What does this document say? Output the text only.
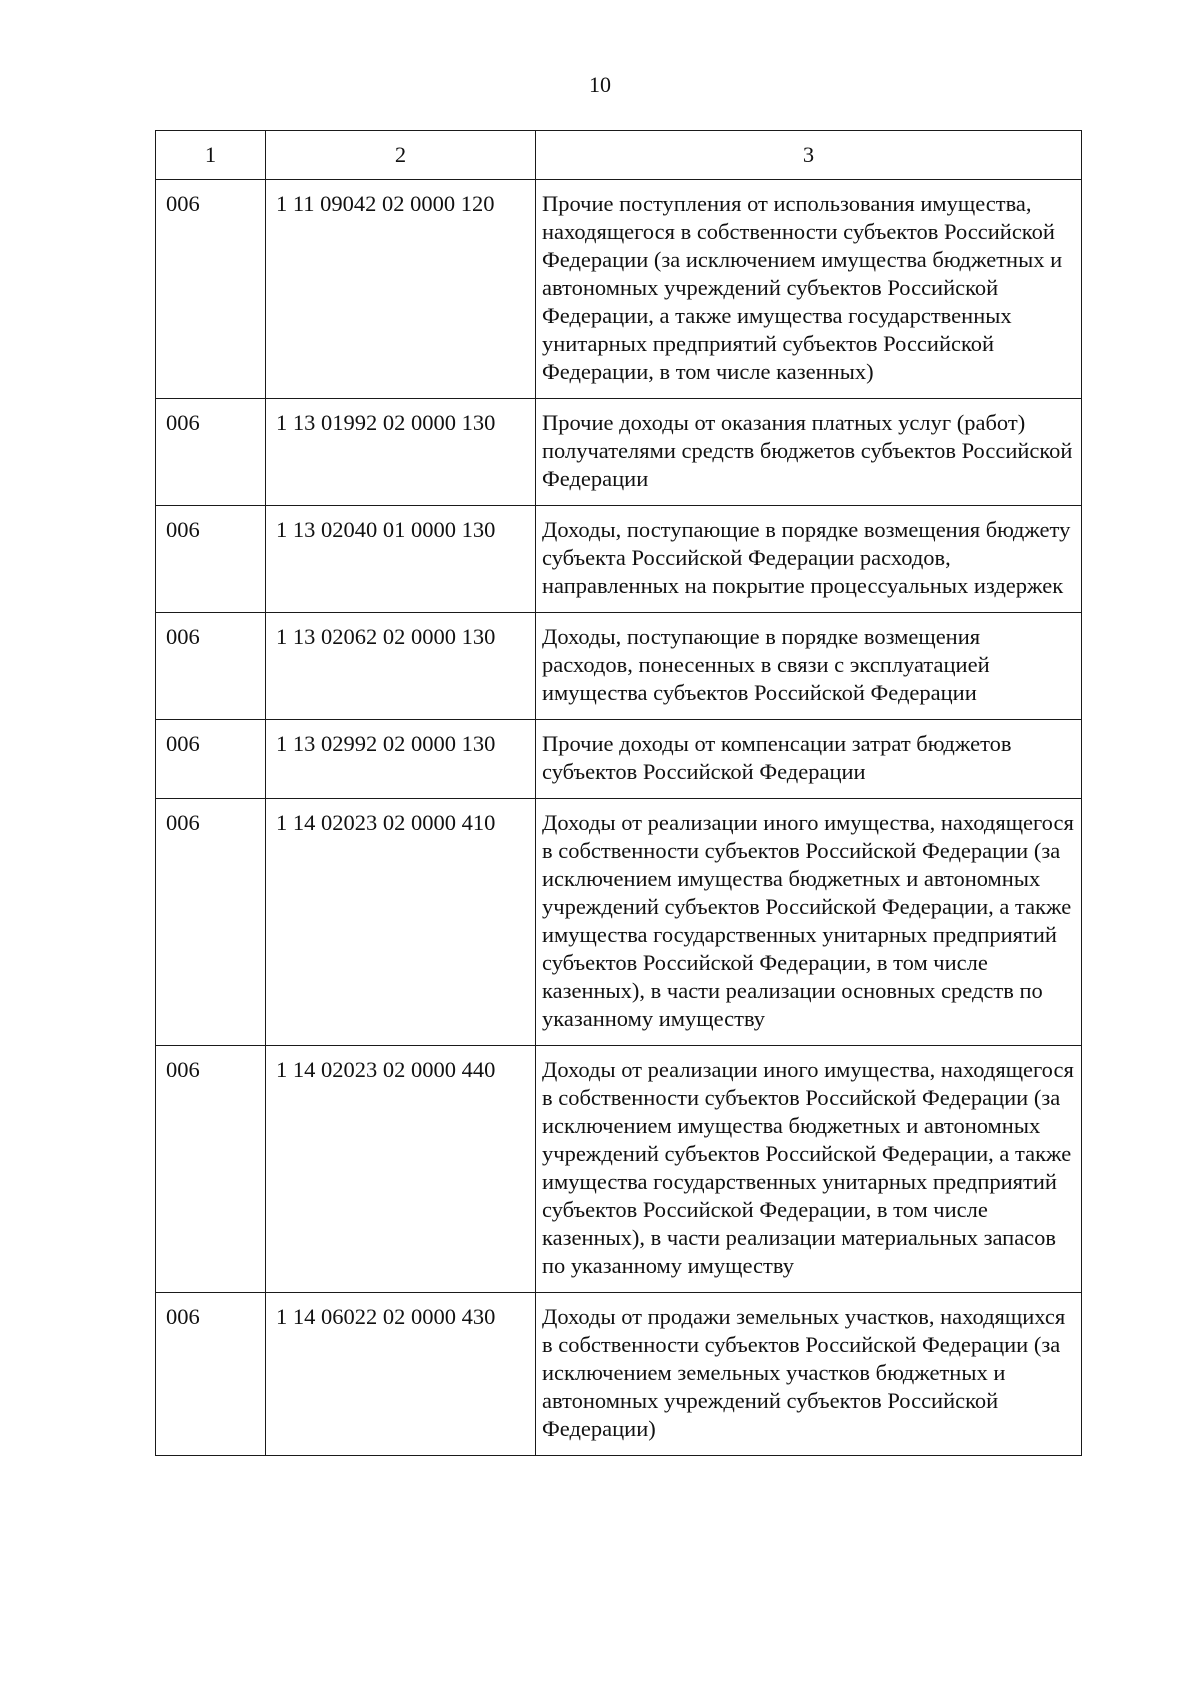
10
1	2	3
006	1 11 09042 02 0000 120	Прочие поступления от использования имущества, находящегося в собственности субъектов Российской Федерации (за исключением имущества бюджетных и автономных учреждений субъектов Российской Федерации, а также имущества государственных унитарных предприятий субъектов Российской Федерации, в том числе казенных)
006	1 13 01992 02 0000 130	Прочие доходы от оказания платных услуг (работ) получателями средств бюджетов субъектов Российской Федерации
006	1 13 02040 01 0000 130	Доходы, поступающие в порядке возмещения бюджету субъекта Российской Федерации расходов, направленных на покрытие процессуальных издержек
006	1 13 02062 02 0000 130	Доходы, поступающие в порядке возмещения расходов, понесенных в связи с эксплуатацией имущества субъектов Российской Федерации
006	1 13 02992 02 0000 130	Прочие доходы от компенсации затрат бюджетов субъектов Российской Федерации
006	1 14 02023 02 0000 410	Доходы от реализации иного имущества, находящегося в собственности субъектов Российской Федерации (за исключением имущества бюджетных и автономных учреждений субъектов Российской Федерации, а также имущества государственных унитарных предприятий субъектов Российской Федерации, в том числе казенных), в части реализации основных средств по указанному имуществу
006	1 14 02023 02 0000 440	Доходы от реализации иного имущества, находящегося в собственности субъектов Российской Федерации (за исключением имущества бюджетных и автономных учреждений субъектов Российской Федерации, а также имущества государственных унитарных предприятий субъектов Российской Федерации, в том числе казенных), в части реализации материальных запасов по указанному имуществу
006	1 14 06022 02 0000 430	Доходы от продажи земельных участков, находящихся в собственности субъектов Российской Федерации (за исключением земельных участков бюджетных и автономных учреждений субъектов Российской Федерации)
